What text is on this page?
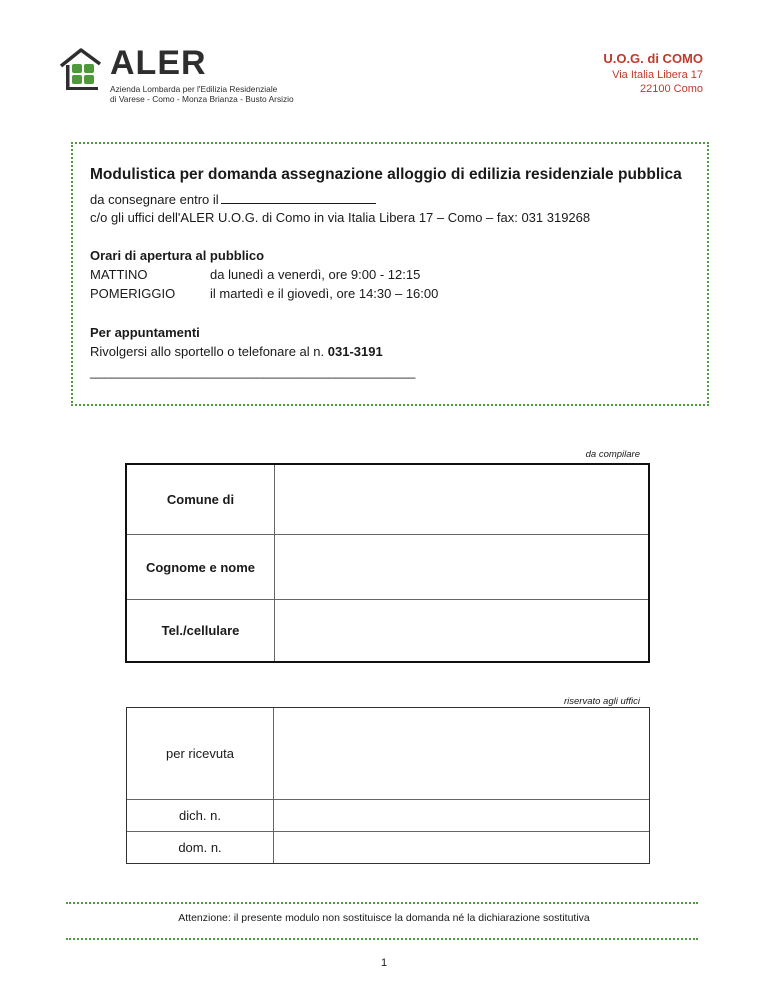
ALER
Azienda Lombarda per l'Edilizia Residenziale
di Varese - Como - Monza Brianza - Busto Arsizio
U.O.G. di COMO
Via Italia Libera 17
22100 Como
Modulistica per domanda assegnazione alloggio di edilizia residenziale pubblica
da consegnare entro il
c/o gli uffici dell'ALER U.O.G. di Como in via Italia Libera 17 – Como – fax: 031 319268
Orari di apertura al pubblico
MATTINO	da lunedì a venerdì, ore 9:00 - 12:15
POMERIGGIO	il martedì e il giovedì, ore 14:30 – 16:00
Per appuntamenti
Rivolgersi allo sportello o telefonare al n. 031-3191
_____________________________________________
da compilare
Comune di
Cognome e nome
Tel./cellulare
riservato agli uffici
per ricevuta
dich. n.
dom. n.
Attenzione: il presente modulo non sostituisce la domanda né la dichiarazione sostitutiva
1
